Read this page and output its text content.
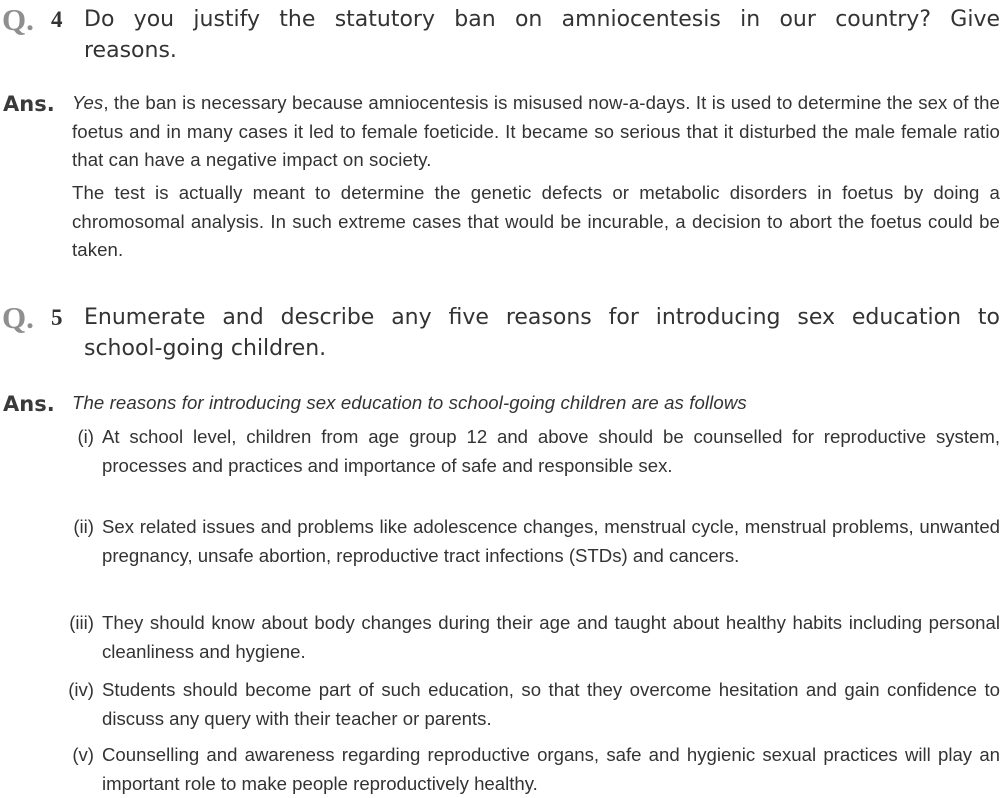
Q. 4 Do you justify the statutory ban on amniocentesis in our country? Give
reasons.
Ans. Yes, the ban is necessary because amniocentesis is misused now-a-days. It is used to determine the sex of the foetus and in many cases it led to female foeticide. It became so serious that it disturbed the male female ratio that can have a negative impact on society.
The test is actually meant to determine the genetic defects or metabolic disorders in foetus by doing a chromosomal analysis. In such extreme cases that would be incurable, a decision to abort the foetus could be taken.
Q. 5 Enumerate and describe any five reasons for introducing sex education to
school-going children.
Ans. The reasons for introducing sex education to school-going children are as follows
(i) At school level, children from age group 12 and above should be counselled for reproductive system, processes and practices and importance of safe and responsible sex.
(ii) Sex related issues and problems like adolescence changes, menstrual cycle, menstrual problems, unwanted pregnancy, unsafe abortion, reproductive tract infections (STDs) and cancers.
(iii) They should know about body changes during their age and taught about healthy habits including personal cleanliness and hygiene.
(iv) Students should become part of such education, so that they overcome hesitation and gain confidence to discuss any query with their teacher or parents.
(v) Counselling and awareness regarding reproductive organs, safe and hygienic sexual practices will play an important role to make people reproductively healthy.
